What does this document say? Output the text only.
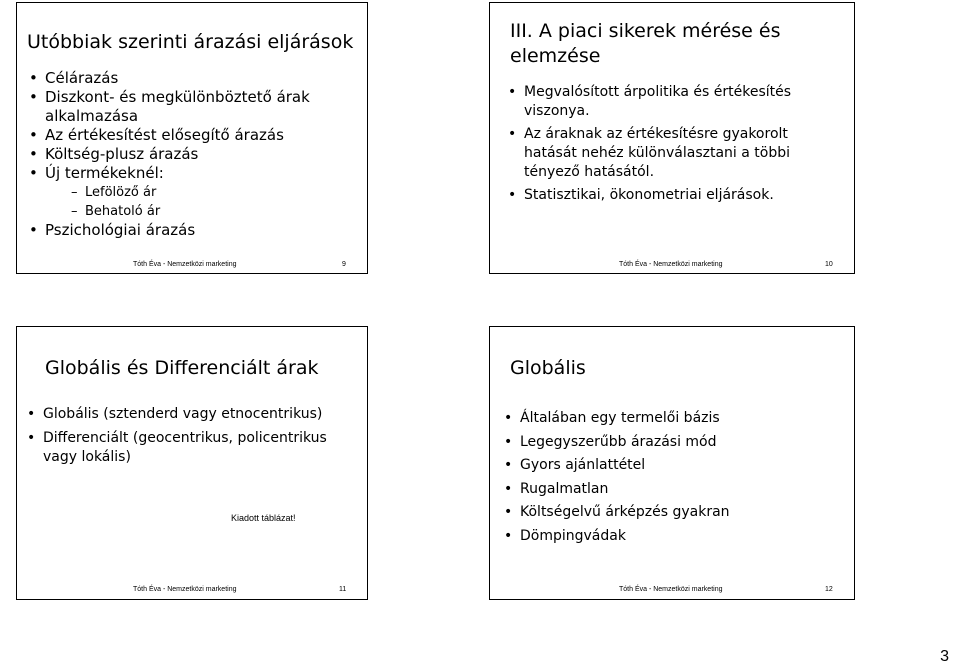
Utóbbiak szerinti árazási eljárások
• Célárazás
• Diszkont- és megkülönböztető árak alkalmazása
• Az értékesítést elősegítő árazás
• Költség-plusz árazás
• Új termékeknél:
– Lefölöző ár
– Behatoló ár
• Pszichológiai árazás
Tóth Éva - Nemzetközi marketing	9
III. A piaci sikerek mérése és elemzése
• Megvalósított árpolitika és értékesítés viszonya.
• Az áraknak az értékesítésre gyakorolt hatását nehéz különválasztani a többi tényező hatásától.
• Statisztikai, ökonometriai eljárások.
Tóth Éva - Nemzetközi marketing	10
Globális és Differenciált árak
• Globális (sztenderd vagy etnocentrikus)
• Differenciált (geocentrikus, policentrikus vagy lokális)
Kiadott táblázat!
Tóth Éva - Nemzetközi marketing	11
Globális
• Általában egy termelői bázis
• Legegyszerűbb árazási mód
• Gyors ajánlattétel
• Rugalmatlan
• Költségelvű árképzés gyakran
• Dömpingvádak
Tóth Éva - Nemzetközi marketing	12
3
